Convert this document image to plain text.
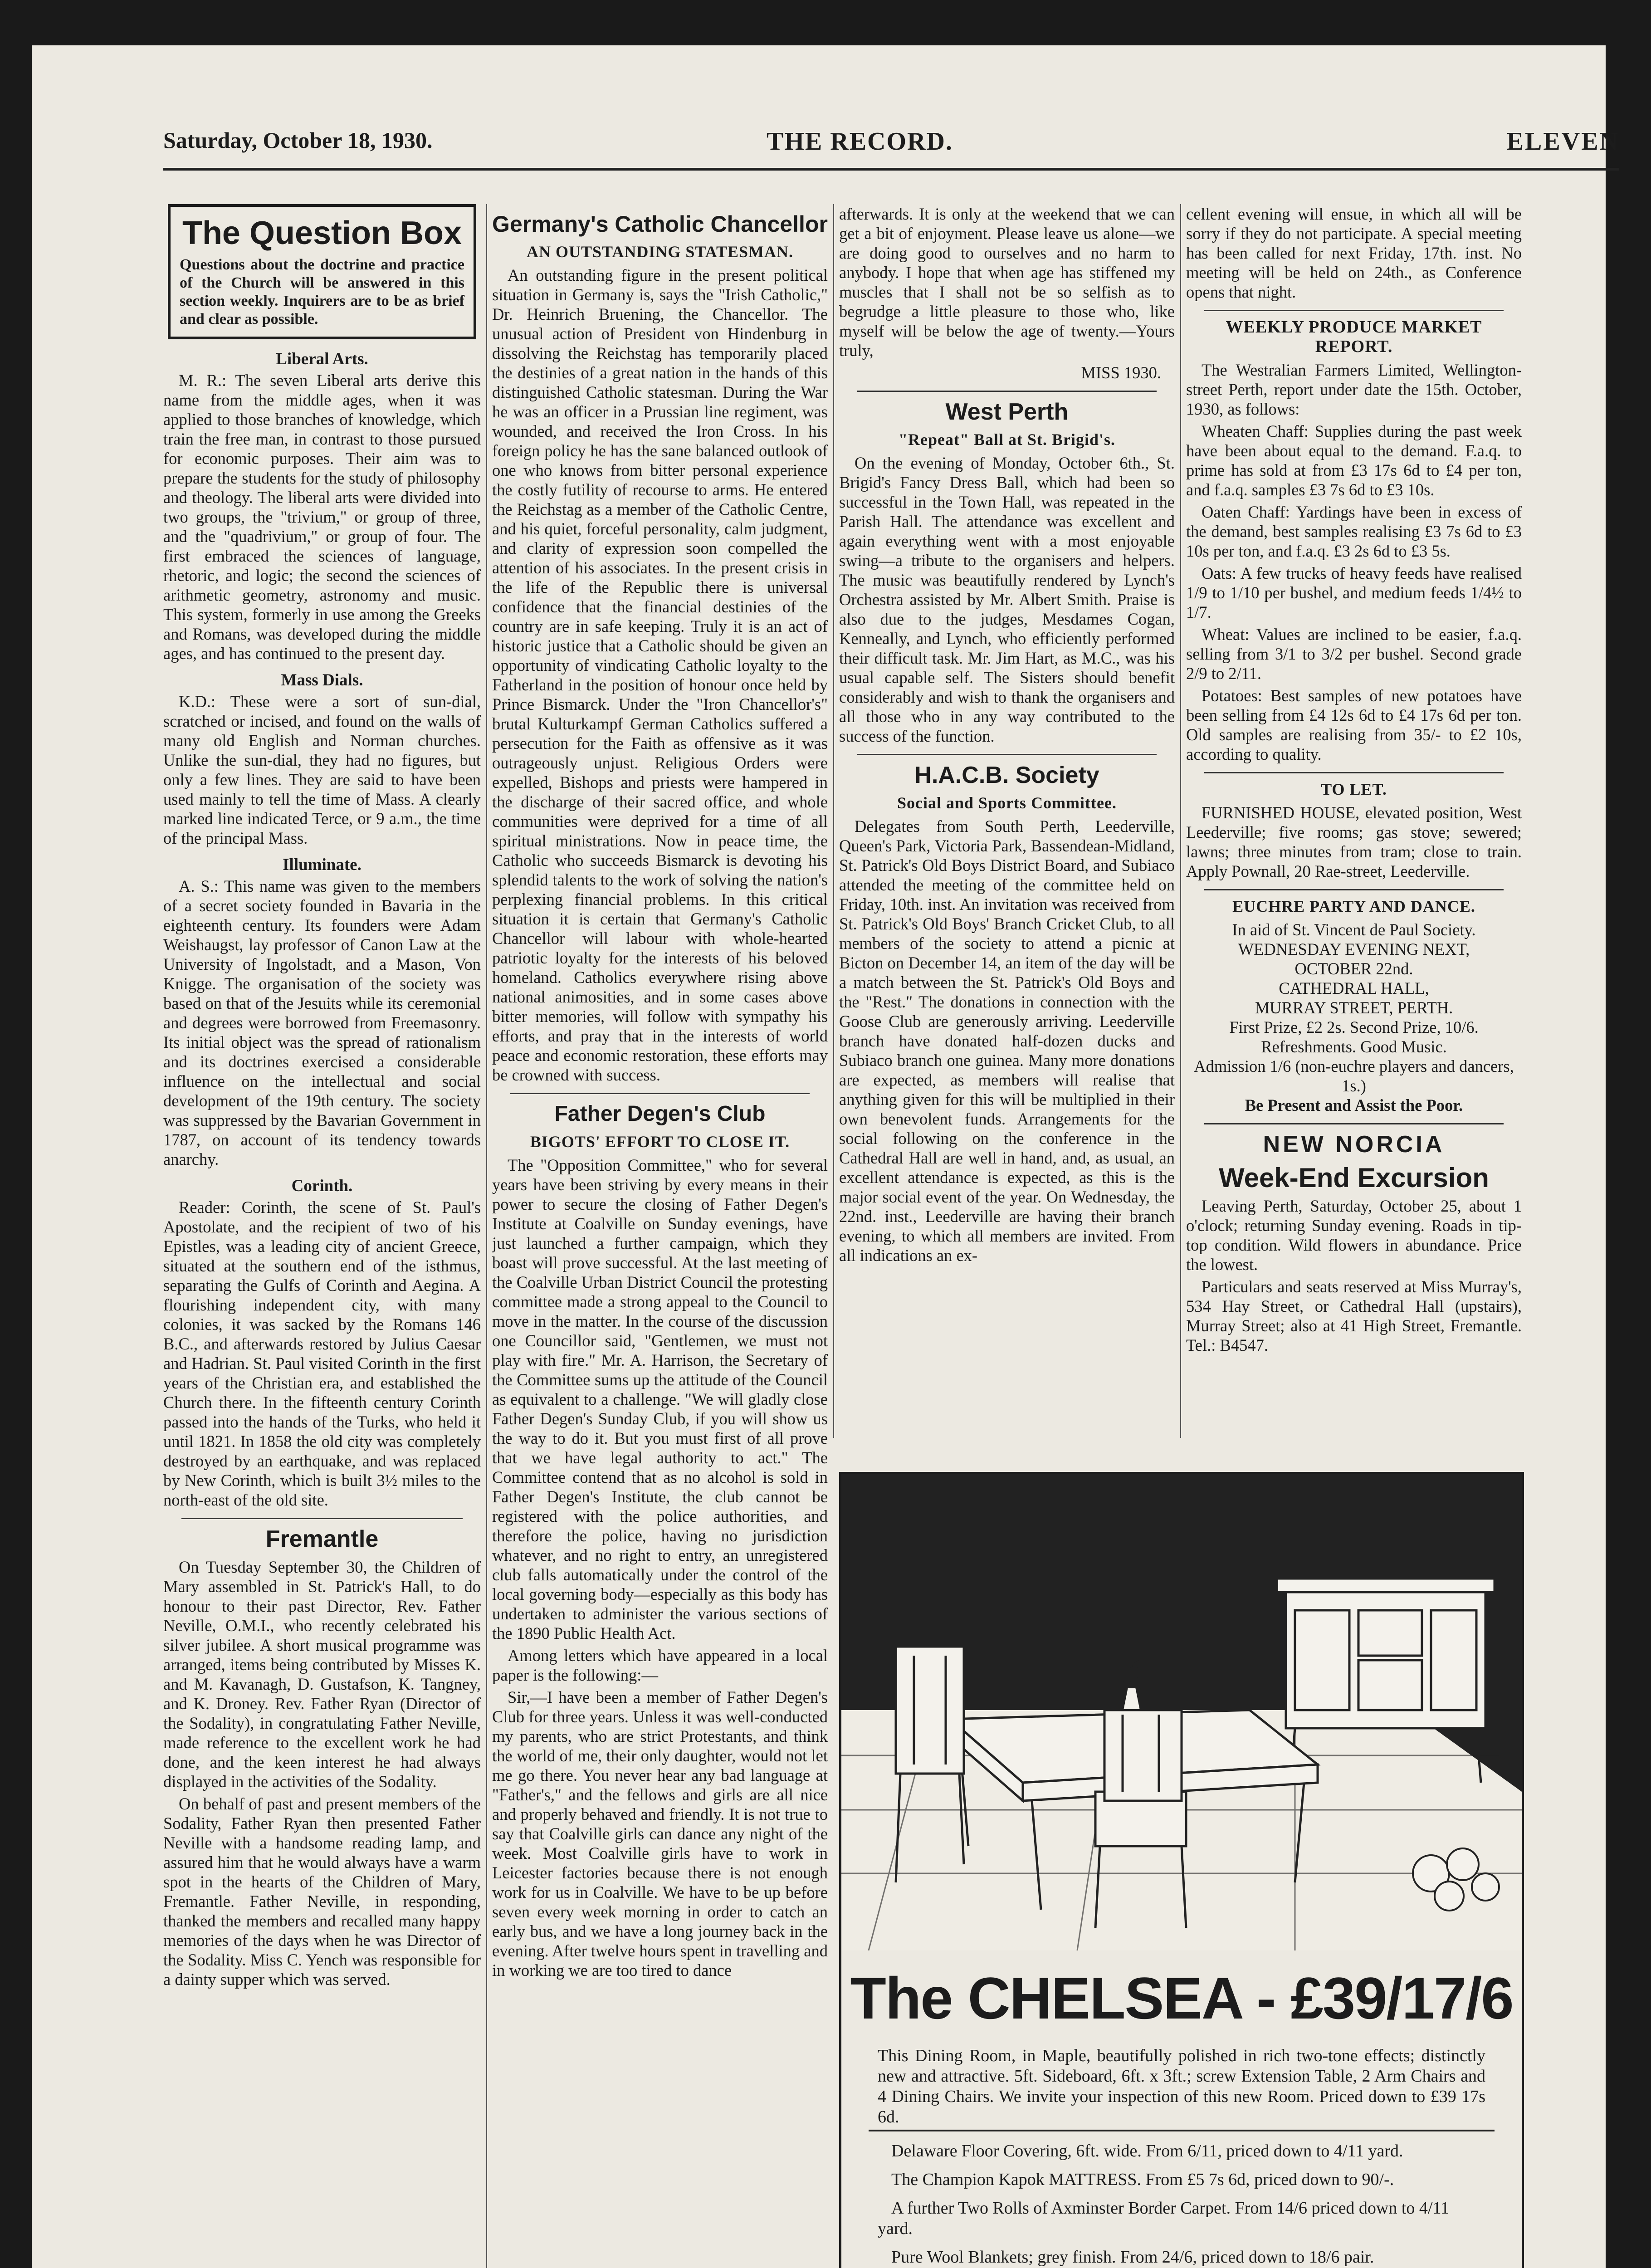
Saturday, October 18, 1930.	THE RECORD.	ELEVEN
The Question Box
Questions about the doctrine and practice of the Church will be answered in this section weekly. Inquirers are to be as brief and clear as possible.
Liberal Arts.

M. R.: The seven Liberal arts derive this name from the middle ages, when it was applied to those branches of knowledge, which train the free man, in contrast to those pursued for economic purposes. Their aim was to prepare the students for the study of philosophy and theology. The liberal arts were divided into two groups, the "trivium," or group of three, and the "quadrivium," or group of four. The first embraced the sciences of language, rhetoric, and logic; the second the sciences of arithmetic geometry, astronomy and music. This system, formerly in use among the Greeks and Romans, was developed during the middle ages, and has continued to the present day.

Mass Dials.

K.D.: These were a sort of sun-dial, scratched or incised, and found on the walls of many old English and Norman churches. Unlike the sun-dial, they had no figures, but only a few lines. They are said to have been used mainly to tell the time of Mass. A clearly marked line indicated Terce, or 9 a.m., the time of the principal Mass.

Illuminate.

A. S.: This name was given to the members of a secret society founded in Bavaria in the eighteenth century. Its founders were Adam Weishaugst, lay professor of Canon Law at the University of Ingolstadt, and a Mason, Von Knigge. The organisation of the society was based on that of the Jesuits while its ceremonial and degrees were borrowed from Freemasonry. Its initial object was the spread of rationalism and its doctrines exercised a considerable influence on the intellectual and social development of the 19th century. The society was suppressed by the Bavarian Government in 1787, on account of its tendency towards anarchy.

Corinth.

Reader: Corinth, the scene of St. Paul's Apostolate, and the recipient of two of his Epistles, was a leading city of ancient Greece, situated at the southern end of the isthmus, separating the Gulfs of Corinth and Aegina. A flourishing independent city, with many colonies, it was sacked by the Romans 146 B.C., and afterwards restored by Julius Caesar and Hadrian. St. Paul visited Corinth in the first years of the Christian era, and established the Church there. In the fifteenth century Corinth passed into the hands of the Turks, who held it until 1821. In 1858 the old city was completely destroyed by an earthquake, and was replaced by New Corinth, which is built 3½ miles to the north-east of the old site.

Fremantle

On Tuesday September 30, the Children of Mary assembled in St. Patrick's Hall, to do honour to their past Director, Rev. Father Neville, O.M.I., who recently celebrated his silver jubilee. A short musical programme was arranged, items being contributed by Misses K. and M. Kavanagh, D. Gustafson, K. Tangney, and K. Droney. Rev. Father Ryan (Director of the Sodality), in congratulating Father Neville, made reference to the excellent work he had done, and the keen interest he had always displayed in the activities of the Sodality.

On behalf of past and present members of the Sodality, Father Ryan then presented Father Neville with a handsome reading lamp, and assured him that he would always have a warm spot in the hearts of the Children of Mary, Fremantle. Father Neville, in responding, thanked the members and recalled many happy memories of the days when he was Director of the Sodality. Miss C. Yench was responsible for a dainty supper which was served.

Germany's Catholic Chancellor
AN OUTSTANDING STATESMAN.

An outstanding figure in the present political situation in Germany is, says the "Irish Catholic," Dr. Heinrich Bruening, the Chancellor. The unusual action of President von Hindenburg in dissolving the Reichstag has temporarily placed the destinies of a great nation in the hands of this distinguished Catholic statesman. During the War he was an officer in a Prussian line regiment, was wounded, and received the Iron Cross. In his foreign policy he has the sane balanced outlook of one who knows from bitter personal experience the costly futility of recourse to arms. He entered the Reichstag as a member of the Catholic Centre, and his quiet, forceful personality, calm judgment, and clarity of expression soon compelled the attention of his associates. In the present crisis in the life of the Republic there is universal confidence that the financial destinies of the country are in safe keeping. Truly it is an act of historic justice that a Catholic should be given an opportunity of vindicating Catholic loyalty to the Fatherland in the position of honour once held by Prince Bismarck. Under the "Iron Chancellor's" brutal Kulturkampf German Catholics suffered a persecution for the Faith as offensive as it was outrageously unjust. Religious Orders were expelled, Bishops and priests were hampered in the discharge of their sacred office, and whole communities were deprived for a time of all spiritual ministrations. Now in peace time, the Catholic who succeeds Bismarck is devoting his splendid talents to the work of solving the nation's perplexing financial problems. In this critical situation it is certain that Germany's Catholic Chancellor will labour with whole-hearted patriotic loyalty for the interests of his beloved homeland. Catholics everywhere rising above national animosities, and in some cases above bitter memories, will follow with sympathy his efforts, and pray that in the interests of world peace and economic restoration, these efforts may be crowned with success.

Father Degen's Club
BIGOTS' EFFORT TO CLOSE IT.

The "Opposition Committee," who for several years have been striving by every means in their power to secure the closing of Father Degen's Institute at Coalville on Sunday evenings, have just launched a further campaign, which they boast will prove successful. At the last meeting of the Coalville Urban District Council the protesting committee made a strong appeal to the Council to move in the matter. In the course of the discussion one Councillor said, "Gentlemen, we must not play with fire." Mr. A. Harrison, the Secretary of the Committee sums up the attitude of the Council as equivalent to a challenge. "We will gladly close Father Degen's Sunday Club, if you will show us the way to do it. But you must first of all prove that we have legal authority to act." The Committee contend that as no alcohol is sold in Father Degen's Institute, the club cannot be registered with the police authorities, and therefore the police, having no jurisdiction whatever, and no right to entry, an unregistered club falls automatically under the control of the local governing body—especially as this body has undertaken to administer the various sections of the 1890 Public Health Act.

Among letters which have appeared in a local paper is the following:—

Sir,—I have been a member of Father Degen's Club for three years. Unless it was well-conducted my parents, who are strict Protestants, and think the world of me, their only daughter, would not let me go there. You never hear any bad language at "Father's," and the fellows and girls are all nice and properly behaved and friendly. It is not true to say that Coalville girls can dance any night of the week. Most Coalville girls have to work in Leicester factories because there is not enough work for us in Coalville. We have to be up before seven every week morning in order to catch an early bus, and we have a long journey back in the evening. After twelve hours spent in travelling and in working we are too tired to dance

afterwards. It is only at the weekend that we can get a bit of enjoyment. Please leave us alone—we are doing good to ourselves and no harm to anybody. I hope that when age has stiffened my muscles that I shall not be so selfish as to begrudge a little pleasure to those who, like myself will be below the age of twenty.—Yours truly,

MISS 1930.
West Perth
"Repeat" Ball at St. Brigid's.

On the evening of Monday, October 6th., St. Brigid's Fancy Dress Ball, which had been so successful in the Town Hall, was repeated in the Parish Hall. The attendance was excellent and again everything went with a most enjoyable swing—a tribute to the organisers and helpers. The music was beautifully rendered by Lynch's Orchestra assisted by Mr. Albert Smith. Praise is also due to the judges, Mesdames Cogan, Kenneally, and Lynch, who efficiently performed their difficult task. Mr. Jim Hart, as M.C., was his usual capable self. The Sisters should benefit considerably and wish to thank the organisers and all those who in any way contributed to the success of the function.

H.A.C.B. Society
Social and Sports Committee.

Delegates from South Perth, Leederville, Queen's Park, Victoria Park, Bassendean-Midland, St. Patrick's Old Boys District Board, and Subiaco attended the meeting of the committee held on Friday, 10th. inst. An invitation was received from St. Patrick's Old Boys' Branch Cricket Club, to all members of the society to attend a picnic at Bicton on December 14, an item of the day will be a match between the St. Patrick's Old Boys and the "Rest." The donations in connection with the Goose Club are generously arriving. Leederville branch have donated half-dozen ducks and Subiaco branch one guinea. Many more donations are expected, as members will realise that anything given for this will be multiplied in their own benevolent funds. Arrangements for the social following on the conference in the Cathedral Hall are well in hand, and, as usual, an excellent attendance is expected, as this is the major social event of the year. On Wednesday, the 22nd. inst., Leederville are having their branch evening, to which all members are invited. From all indications an ex-

cellent evening will ensue, in which all will be sorry if they do not participate. A special meeting has been called for next Friday, 17th. inst. No meeting will be held on 24th., as Conference opens that night.

WEEKLY PRODUCE MARKET REPORT.

The Westralian Farmers Limited, Wellington-street Perth, report under date the 15th. October, 1930, as follows:

Wheaten Chaff: Supplies during the past week have been about equal to the demand. F.a.q. to prime has sold at from £3 17s 6d to £4 per ton, and f.a.q. samples £3 7s 6d to £3 10s.

Oaten Chaff: Yardings have been in excess of the demand, best samples realising £3 7s 6d to £3 10s per ton, and f.a.q. £3 2s 6d to £3 5s.

Oats: A few trucks of heavy feeds have realised 1/9 to 1/10 per bushel, and medium feeds 1/4½ to 1/7.

Wheat: Values are inclined to be easier, f.a.q. selling from 3/1 to 3/2 per bushel. Second grade 2/9 to 2/11.

Potatoes: Best samples of new potatoes have been selling from £4 12s 6d to £4 17s 6d per ton. Old samples are realising from 35/- to £2 10s, according to quality.

TO LET.

FURNISHED HOUSE, elevated position, West Leederville; five rooms; gas stove; sewered; lawns; three minutes from tram; close to train. Apply Pownall, 20 Rae-street, Leederville.

EUCHRE PARTY AND DANCE.
In aid of St. Vincent de Paul Society.
WEDNESDAY EVENING NEXT,
OCTOBER 22nd.
CATHEDRAL HALL,
MURRAY STREET, PERTH.
First Prize, £2 2s. Second Prize, 10/6.
Refreshments. Good Music.
Admission 1/6 (non-euchre players and dancers, 1s.)
Be Present and Assist the Poor.
NEW NORCIA
Week-End Excursion

Leaving Perth, Saturday, October 25, about 1 o'clock; returning Sunday evening. Roads in tip-top condition. Wild flowers in abundance. Price the lowest.

Particulars and seats reserved at Miss Murray's, 534 Hay Street, or Cathedral Hall (upstairs), Murray Street; also at 41 High Street, Fremantle. Tel.: B4547.

The CHELSEA - £39/17/6
This Dining Room, in Maple, beautifully polished in rich two-tone effects; distinctly new and attractive. 5ft. Sideboard, 6ft. x 3ft.; screw Extension Table, 2 Arm Chairs and 4 Dining Chairs. We invite your inspection of this new Room. Priced down to £39 17s 6d.
Delaware Floor Covering, 6ft. wide. From 6/11, priced down to 4/11 yard.
The Champion Kapok MATTRESS. From £5 7s 6d, priced down to 90/-.
A further Two Rolls of Axminster Border Carpet. From 14/6 priced down to 4/11 yard.
Pure Wool Blankets; grey finish. From 24/6, priced down to 18/6 pair.
